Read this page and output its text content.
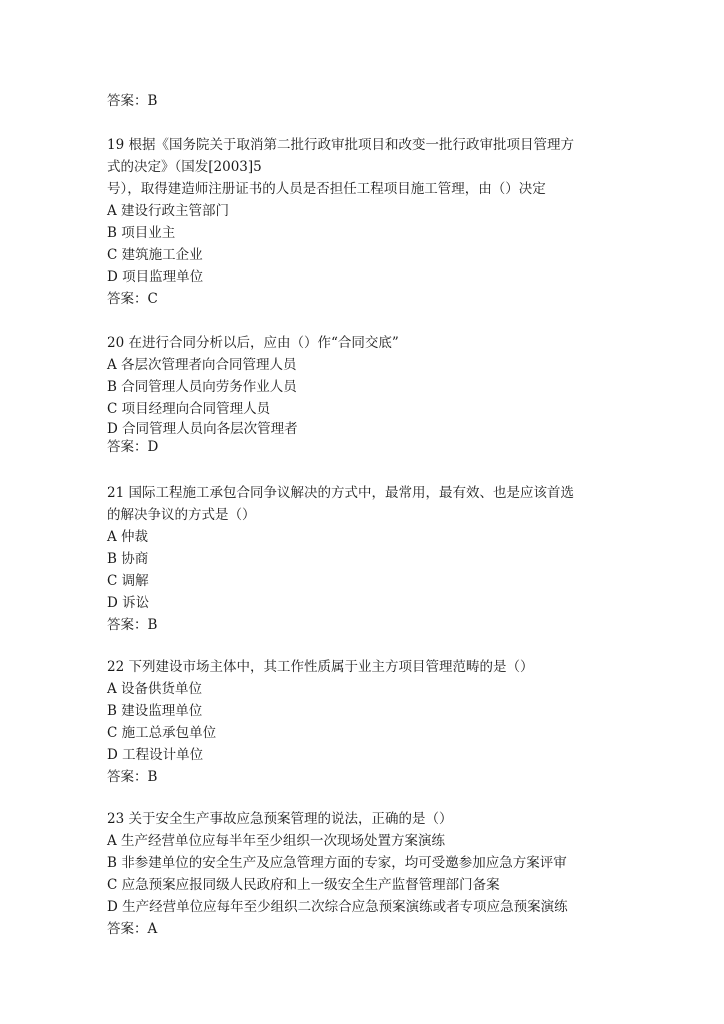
答案：B
19 根据《国务院关于取消第二批行政审批项目和改变一批行政审批项目管理方
式的决定》（国发[2003]5
号），取得建造师注册证书的人员是否担任工程项目施工管理，由（）决定
A 建设行政主管部门
B 项目业主
C 建筑施工企业
D 项目监理单位
答案：C
20 在进行合同分析以后，应由（）作“合同交底”
A 各层次管理者向合同管理人员
B 合同管理人员向劳务作业人员
C 项目经理向合同管理人员
D 合同管理人员向各层次管理者
答案：D
21 国际工程施工承包合同争议解决的方式中，最常用，最有效、也是应该首选
的解决争议的方式是（）
A 仲裁
B 协商
C 调解
D 诉讼
答案：B
22 下列建设市场主体中，其工作性质属于业主方项目管理范畴的是（）
A 设备供货单位
B 建设监理单位
C 施工总承包单位
D 工程设计单位
答案：B
23 关于安全生产事故应急预案管理的说法，正确的是（）
A 生产经营单位应每半年至少组织一次现场处置方案演练
B 非参建单位的安全生产及应急管理方面的专家，均可受邀参加应急方案评审
C 应急预案应报同级人民政府和上一级安全生产监督管理部门备案
D 生产经营单位应每年至少组织二次综合应急预案演练或者专项应急预案演练
答案：A
